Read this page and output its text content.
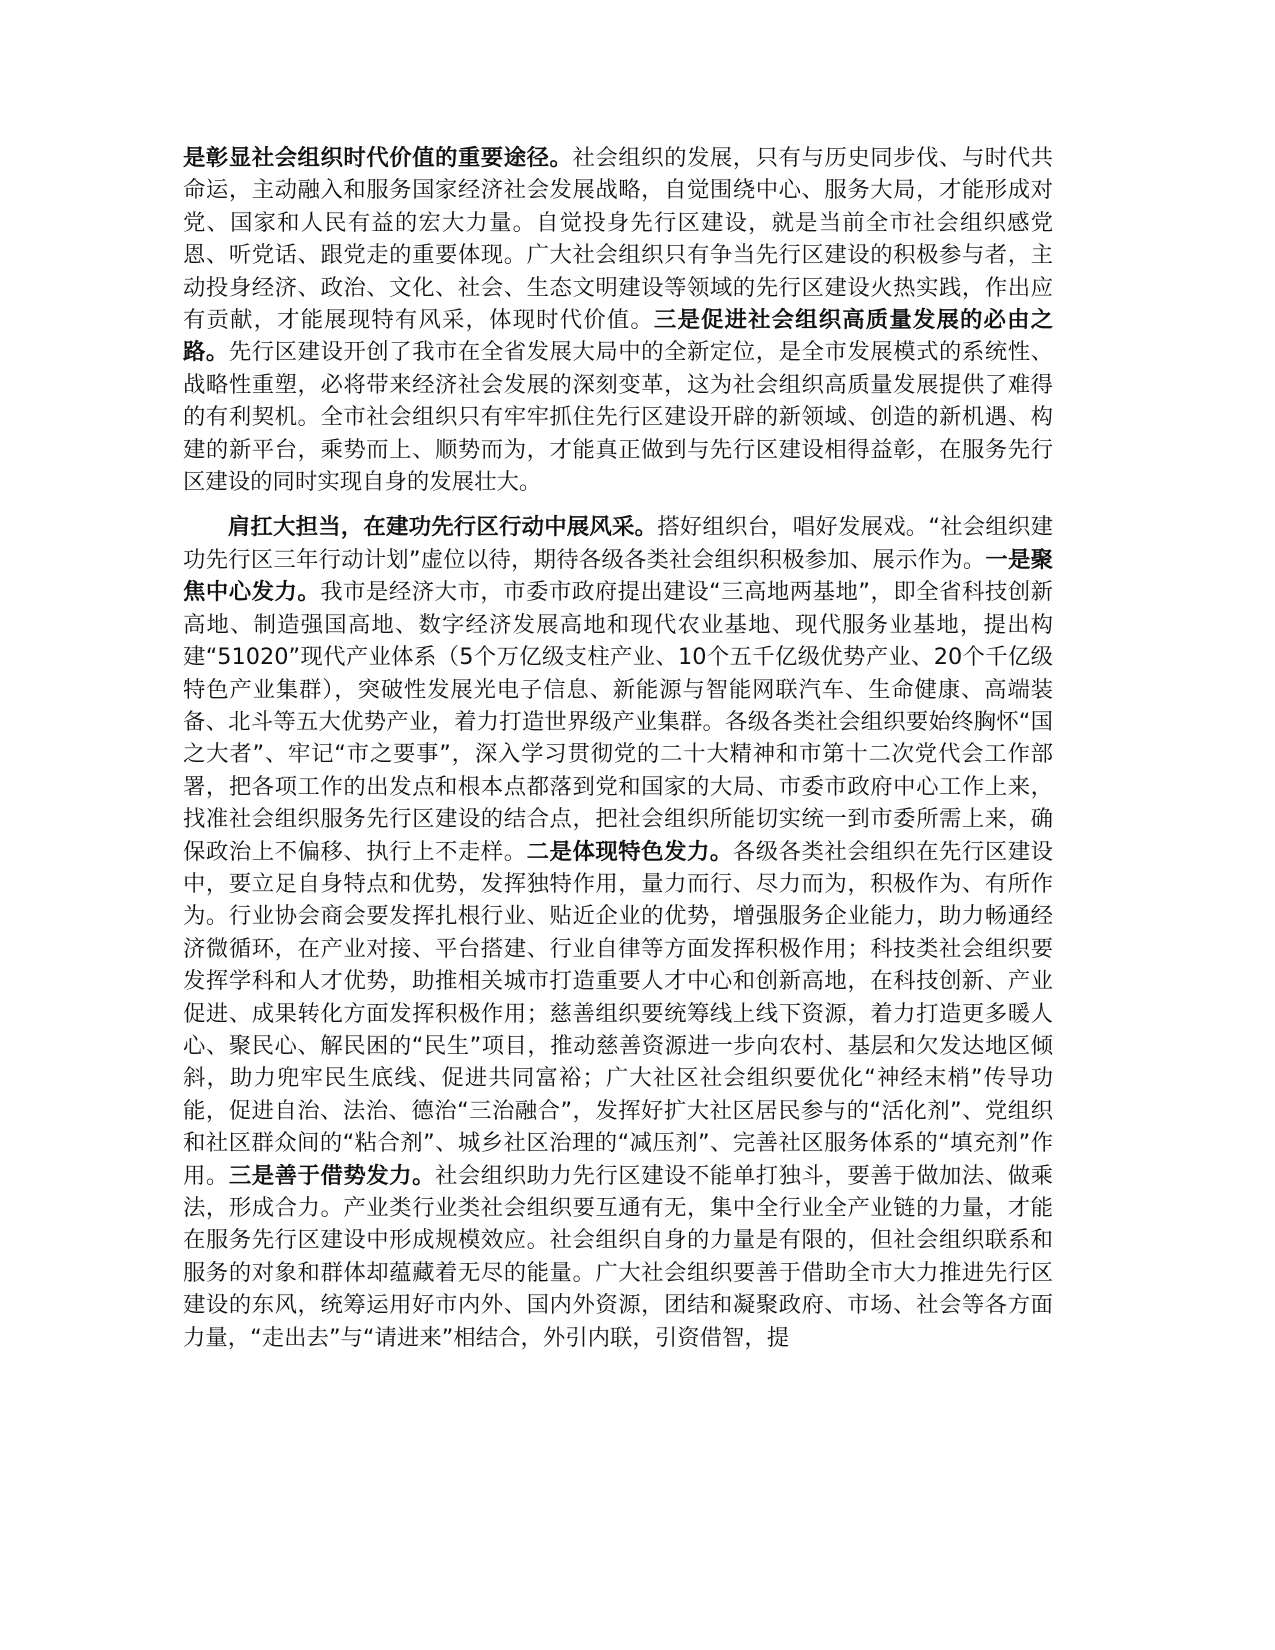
是彰显社会组织时代价值的重要途径。社会组织的发展，只有与历史同步伐、与时代共命运，主动融入和服务国家经济社会发展战略，自觉围绕中心、服务大局，才能形成对党、国家和人民有益的宏大力量。自觉投身先行区建设，就是当前全市社会组织感党恩、听党话、跟党走的重要体现。广大社会组织只有争当先行区建设的积极参与者，主动投身经济、政治、文化、社会、生态文明建设等领域的先行区建设火热实践，作出应有贡献，才能展现特有风采，体现时代价值。三是促进社会组织高质量发展的必由之路。先行区建设开创了我市在全省发展大局中的全新定位，是全市发展模式的系统性、战略性重塑，必将带来经济社会发展的深刻变革，这为社会组织高质量发展提供了难得的有利契机。全市社会组织只有牢牢抓住先行区建设开辟的新领域、创造的新机遇、构建的新平台，乘势而上、顺势而为，才能真正做到与先行区建设相得益彰，在服务先行区建设的同时实现自身的发展壮大。

肩扛大担当，在建功先行区行动中展风采。搭好组织台，唱好发展戏。“社会组织建功先行区三年行动计划”虚位以待，期待各级各类社会组织积极参加、展示作为。一是聚焦中心发力。我市是经济大市，市委市政府提出建设“三高地两基地”，即全省科技创新高地、制造强国高地、数字经济发展高地和现代农业基地、现代服务业基地，提出构建“51020”现代产业体系（5个万亿级支柱产业、10个五千亿级优势产业、20个千亿级特色产业集群），突破性发展光电子信息、新能源与智能网联汽车、生命健康、高端装备、北斗等五大优势产业，着力打造世界级产业集群。各级各类社会组织要始终胸怀“国之大者”、牢记“市之要事”，深入学习贯彻党的二十大精神和市第十二次党代会工作部署，把各项工作的出发点和根本点都落到党和国家的大局、市委市政府中心工作上来，找准社会组织服务先行区建设的结合点，把社会组织所能切实统一到市委所需上来，确保政治上不偏移、执行上不走样。二是体现特色发力。各级各类社会组织在先行区建设中，要立足自身特点和优势，发挥独特作用，量力而行、尽力而为，积极作为、有所作为。行业协会商会要发挥扎根行业、贴近企业的优势，增强服务企业能力，助力畅通经济微循环，在产业对接、平台搭建、行业自律等方面发挥积极作用；科技类社会组织要发挥学科和人才优势，助推相关城市打造重要人才中心和创新高地，在科技创新、产业促进、成果转化方面发挥积极作用；慈善组织要统筹线上线下资源，着力打造更多暖人心、聚民心、解民困的“民生”项目，推动慈善资源进一步向农村、基层和欠发达地区倾斜，助力兜牢民生底线、促进共同富裕；广大社区社会组织要优化“神经末梢”传导功能，促进自治、法治、德治“三治融合”，发挥好扩大社区居民参与的“活化剂”、党组织和社区群众间的“粘合剂”、城乡社区治理的“减压剂”、完善社区服务体系的“填充剂”作用。三是善于借势发力。社会组织助力先行区建设不能单打独斗，要善于做加法、做乘法，形成合力。产业类行业类社会组织要互通有无，集中全行业全产业链的力量，才能在服务先行区建设中形成规模效应。社会组织自身的力量是有限的，但社会组织联系和服务的对象和群体却蕴藏着无尽的能量。广大社会组织要善于借助全市大力推进先行区建设的东风，统筹运用好市内外、国内外资源，团结和凝聚政府、市场、社会等各方面力量，“走出去”与“请进来”相结合，外引内联，引资借智，提
